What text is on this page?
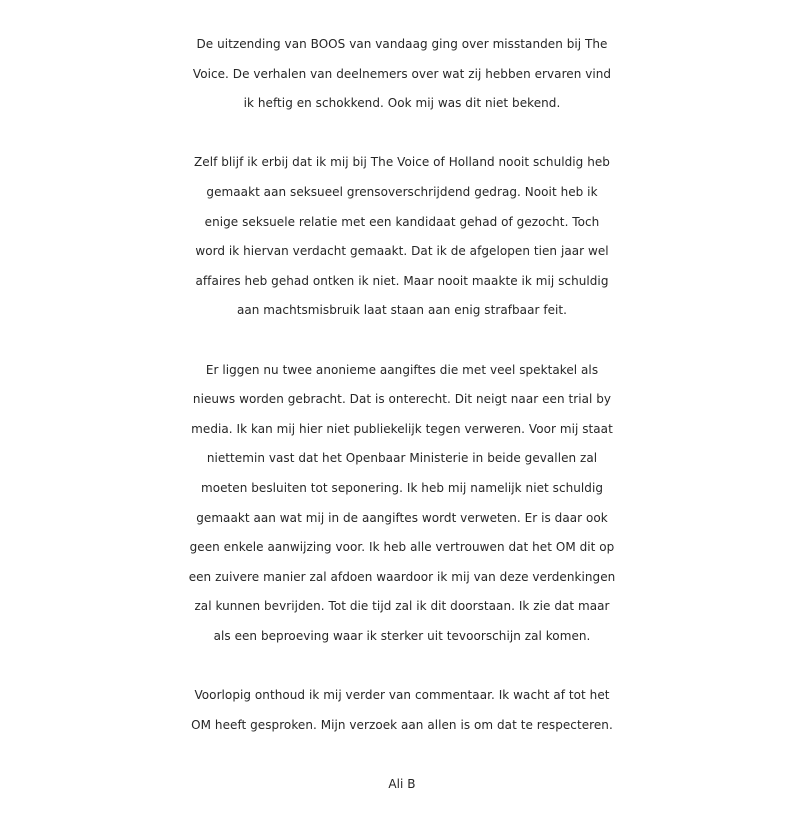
De uitzending van BOOS van vandaag ging over misstanden bij The
Voice. De verhalen van deelnemers over wat zij hebben ervaren vind
ik heftig en schokkend. Ook mij was dit niet bekend.
Zelf blijf ik erbij dat ik mij bij The Voice of Holland nooit schuldig heb
gemaakt aan seksueel grensoverschrijdend gedrag. Nooit heb ik
enige seksuele relatie met een kandidaat gehad of gezocht. Toch
word ik hiervan verdacht gemaakt. Dat ik de afgelopen tien jaar wel
affaires heb gehad ontken ik niet. Maar nooit maakte ik mij schuldig
aan machtsmisbruik laat staan aan enig strafbaar feit.
Er liggen nu twee anonieme aangiftes die met veel spektakel als
nieuws worden gebracht. Dat is onterecht. Dit neigt naar een trial by
media. Ik kan mij hier niet publiekelijk tegen verweren. Voor mij staat
niettemin vast dat het Openbaar Ministerie in beide gevallen zal
moeten besluiten tot seponering. Ik heb mij namelijk niet schuldig
gemaakt aan wat mij in de aangiftes wordt verweten. Er is daar ook
geen enkele aanwijzing voor. Ik heb alle vertrouwen dat het OM dit op
een zuivere manier zal afdoen waardoor ik mij van deze verdenkingen
zal kunnen bevrijden. Tot die tijd zal ik dit doorstaan. Ik zie dat maar
als een beproeving waar ik sterker uit tevoorschijn zal komen.
Voorlopig onthoud ik mij verder van commentaar. Ik wacht af tot het
OM heeft gesproken. Mijn verzoek aan allen is om dat te respecteren.
Ali B
